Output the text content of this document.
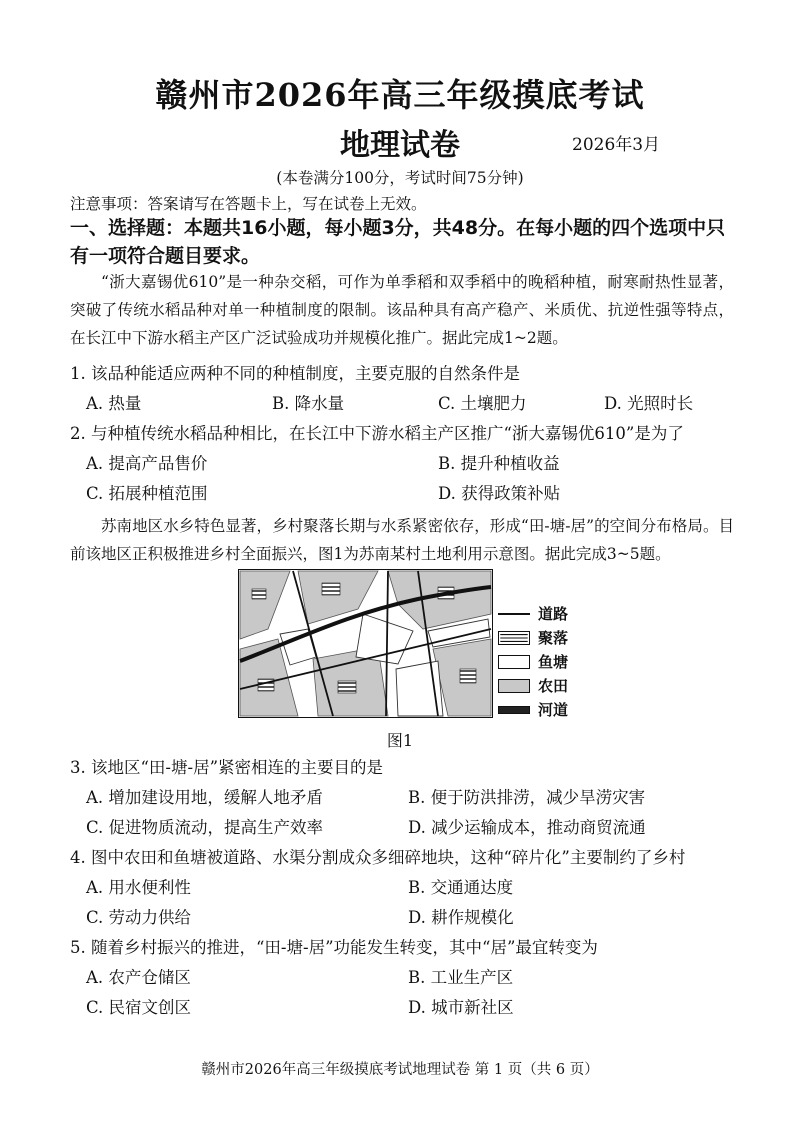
赣州市2026年高三年级摸底考试
地理试卷	2026年3月
(本卷满分100分，考试时间75分钟)
注意事项：答案请写在答题卡上，写在试卷上无效。
一、选择题：本题共16小题，每小题3分，共48分。在每小题的四个选项中只有一项符合题目要求。
“浙大嘉锡优610”是一种杂交稻，可作为单季稻和双季稻中的晚稻种植，耐寒耐热性显著，突破了传统水稻品种对单一种植制度的限制。该品种具有高产稳产、米质优、抗逆性强等特点，在长江中下游水稻主产区广泛试验成功并规模化推广。据此完成1~2题。
1. 该品种能适应两种不同的种植制度，主要克服的自然条件是
A. 热量	B. 降水量	C. 土壤肥力	D. 光照时长
2. 与种植传统水稻品种相比，在长江中下游水稻主产区推广“浙大嘉锡优610”是为了
A. 提高产品售价	B. 提升种植收益
C. 拓展种植范围	D. 获得政策补贴
苏南地区水乡特色显著，乡村聚落长期与水系紧密依存，形成“田-塘-居”的空间分布格局。目前该地区正积极推进乡村全面振兴，图1为苏南某村土地利用示意图。据此完成3~5题。
道路
聚落
鱼塘
农田
河道
图1
3. 该地区“田-塘-居”紧密相连的主要目的是
A. 增加建设用地，缓解人地矛盾	B. 便于防洪排涝，减少旱涝灾害
C. 促进物质流动，提高生产效率	D. 减少运输成本，推动商贸流通
4. 图中农田和鱼塘被道路、水渠分割成众多细碎地块，这种“碎片化”主要制约了乡村
A. 用水便利性	B. 交通通达度
C. 劳动力供给	D. 耕作规模化
5. 随着乡村振兴的推进，“田-塘-居”功能发生转变，其中“居”最宜转变为
A. 农产仓储区	B. 工业生产区
C. 民宿文创区	D. 城市新社区
赣州市2026年高三年级摸底考试地理试卷 第 1 页（共 6 页）
